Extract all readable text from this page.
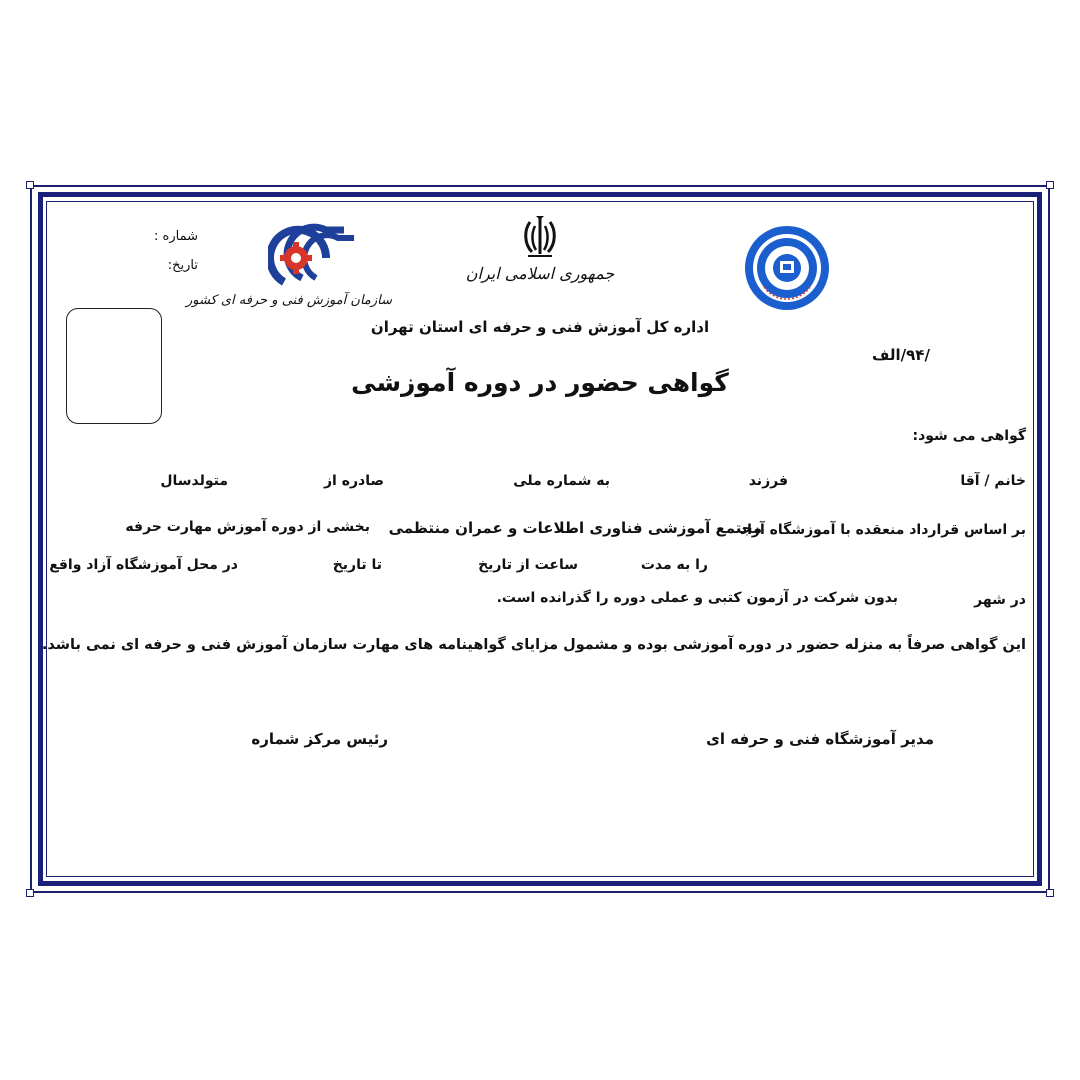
شماره :
تاریخ:
سازمان آموزش فنی و حرفه ای کشور
جمهوری اسلامی ایران
اداره کل آموزش فنی و حرفه ای استان تهران
/۹۴/الف
گواهی حضور در دوره آموزشی
گواهی می شود:
خانم / آقا
فرزند
به شماره ملی
صادره از
متولدسال
بر اساس قرارداد منعقده با آموزشگاه آزاد
مجتمع آموزشی فناوری اطلاعات و عمران منتظمی
بخشی از دوره آموزش مهارت حرفه
را به مدت
ساعت از تاریخ
تا تاریخ
در محل آموزشگاه آزاد واقع
در شهر
بدون شرکت در آزمون کتبی و عملی دوره را گذرانده است.
این گواهی صرفاً به منزله حضور در دوره آموزشی بوده و مشمول مزایای گواهینامه های مهارت سازمان آموزش فنی و حرفه ای نمی باشد.
مدیر آموزشگاه فنی و حرفه ای
رئیس مرکز شماره
